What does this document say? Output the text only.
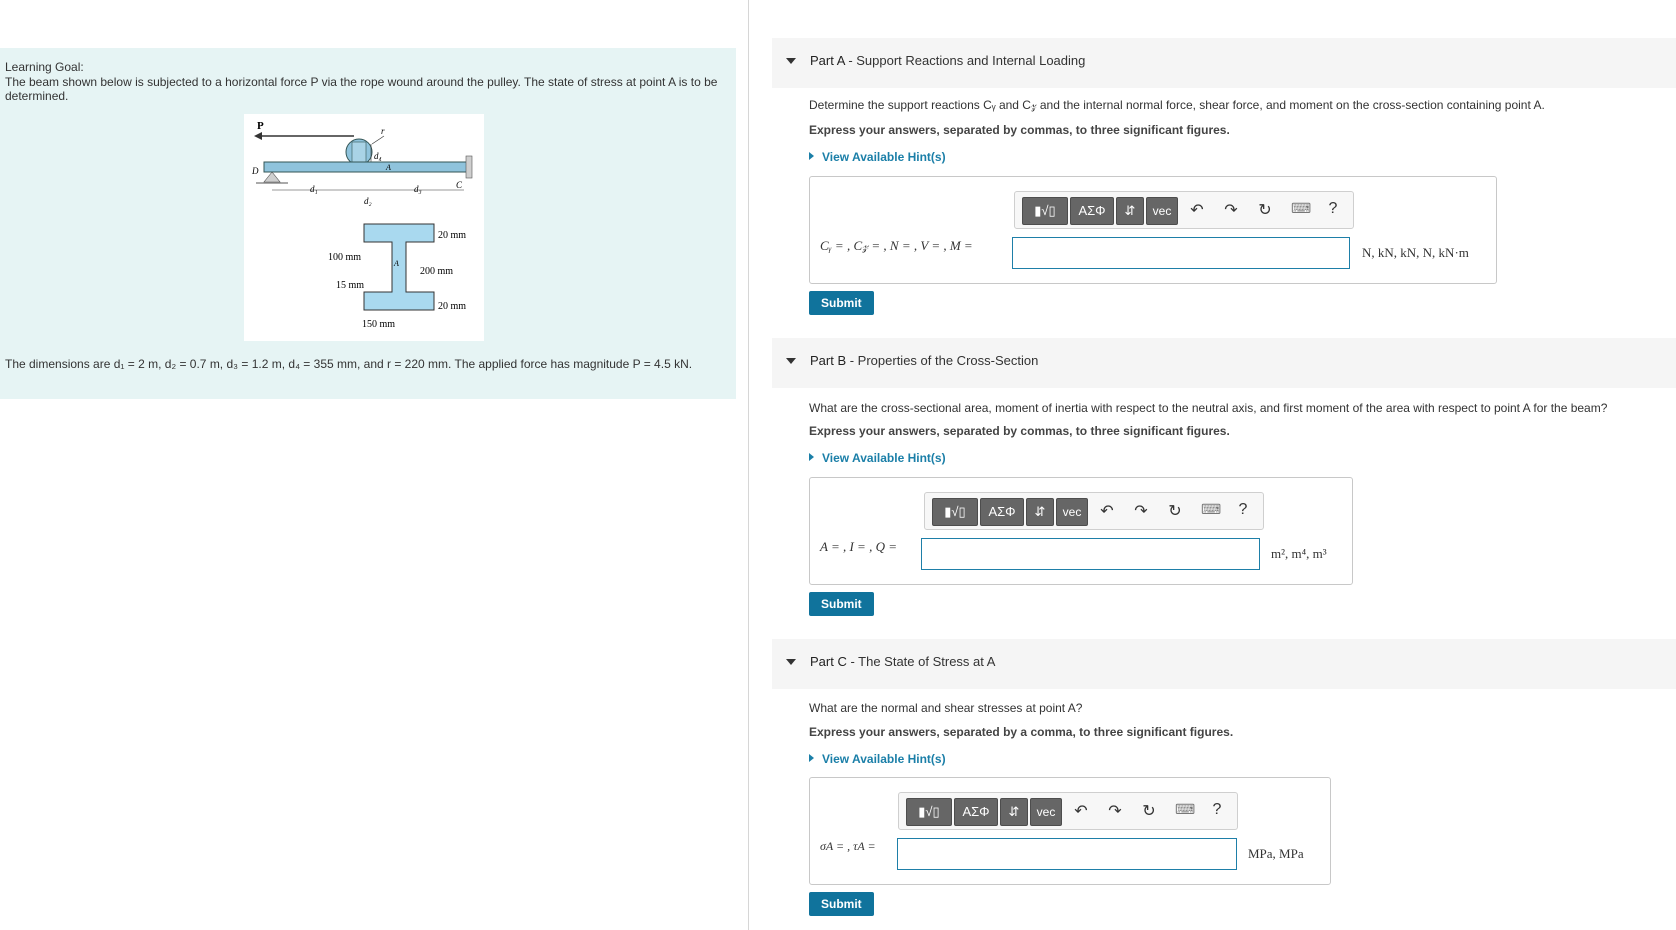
Learning Goal:
The beam shown below is subjected to a horizontal force P via the rope wound around the pulley. The state of stress at point A is to be determined.
P	r
d₄
A
D
C
d₁
d₂
d₃
A
20 mm
100 mm
200 mm
15 mm
20 mm
150 mm
The dimensions are d₁ = 2 m, d₂ = 0.7 m, d₃ = 1.2 m, d₄ = 355 mm, and r = 220 mm. The applied force has magnitude P = 4.5 kN.
Part A - Support Reactions and Internal Loading
Determine the support reactions Cᵧ and C𝓏 and the internal normal force, shear force, and moment on the cross-section containing point A.
Express your answers, separated by commas, to three significant figures.
View Available Hint(s)
▮√▯	ΑΣΦ	⇵	vec	↶ ↷ ↻ ⌨	?
Cᵧ = , C𝓏 = , N = , V = , M =	N, kN, kN, N, kN·m
Submit
Part B - Properties of the Cross-Section
What are the cross-sectional area, moment of inertia with respect to the neutral axis, and first moment of the area with respect to point A for the beam?
Express your answers, separated by commas, to three significant figures.
View Available Hint(s)
▮√▯	ΑΣΦ	⇵	vec	↶ ↷ ↻ ⌨	?
A = , I = , Q =	m², m⁴, m³
Submit
Part C - The State of Stress at A
What are the normal and shear stresses at point A?
Express your answers, separated by a comma, to three significant figures.
View Available Hint(s)
▮√▯	ΑΣΦ	⇵	vec	↶ ↷ ↻ ⌨	?
σA = , τA =	MPa, MPa
Submit
